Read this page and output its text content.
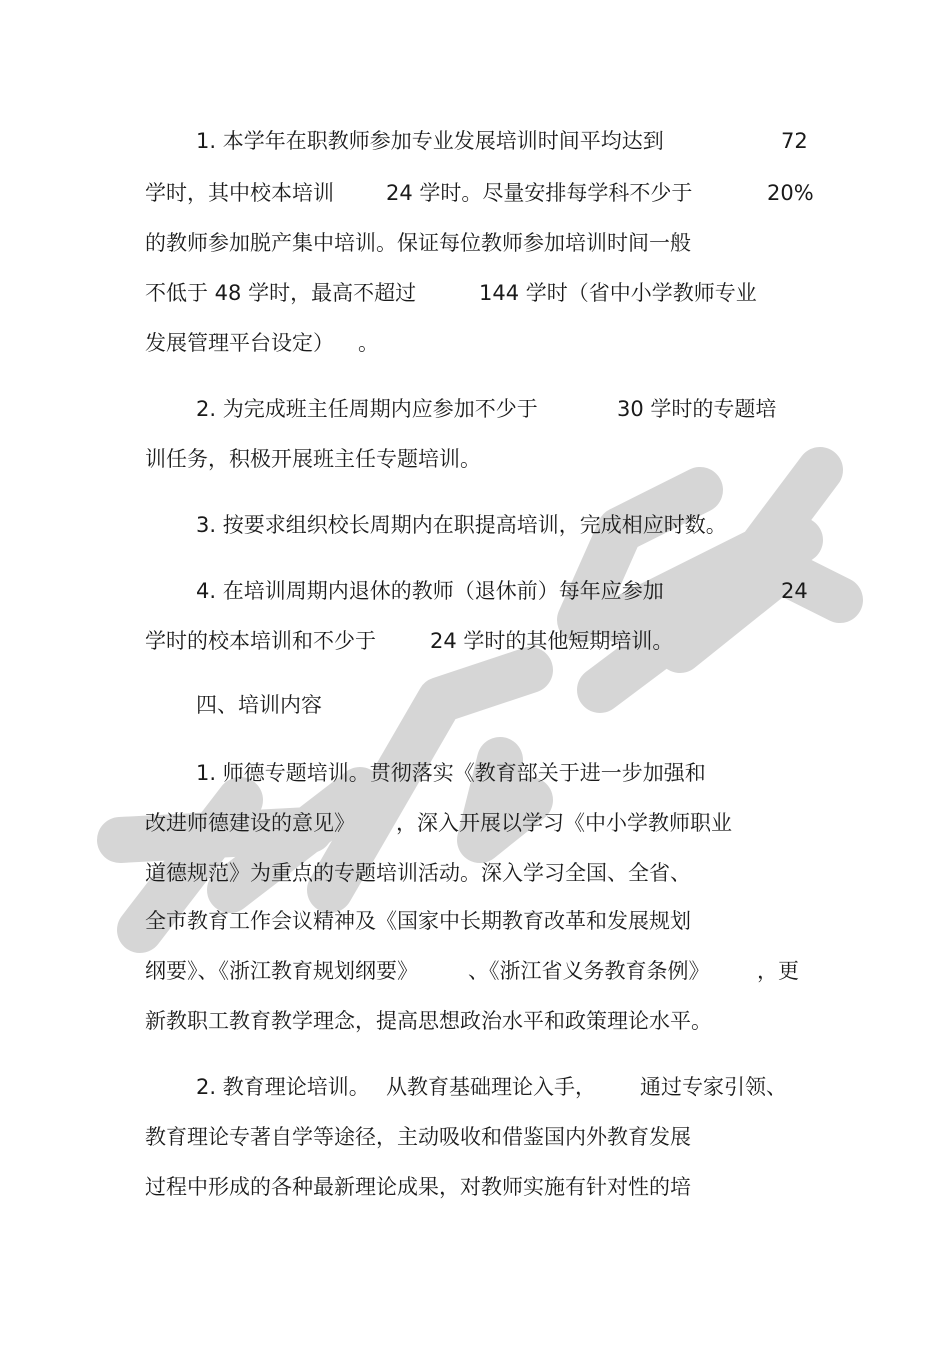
1. 本学年在职教师参加专业发展培训时间平均达到	72
学时，其中校本培训 24 学时。尽量安排每学科不少于	20%
的教师参加脱产集中培训。保证每位教师参加培训时间一般
不低于 48 学时，最高不超过	144 学时（省中小学教师专业
发展管理平台设定） 。
2. 为完成班主任周期内应参加不少于	30 学时的专题培
训任务，积极开展班主任专题培训。
3. 按要求组织校长周期内在职提高培训，完成相应时数。
4. 在培训周期内退休的教师（退休前）每年应参加	24
学时的校本培训和不少于	24 学时的其他短期培训。
四、培训内容
1. 师德专题培训。贯彻落实《教育部关于进一步加强和
改进师德建设的意见》 ，深入开展以学习《中小学教师职业
道德规范》为重点的专题培训活动。深入学习全国、全省、
全市教育工作会议精神及《国家中长期教育改革和发展规划
纲要》、《浙江教育规划纲要》 、《浙江省义务教育条例》 ，更
新教职工教育教学理念，提高思想政治水平和政策理论水平。
2. 教育理论培训。 从教育基础理论入手， 通过专家引领、
教育理论专著自学等途径，主动吸收和借鉴国内外教育发展
过程中形成的各种最新理论成果，对教师实施有针对性的培
